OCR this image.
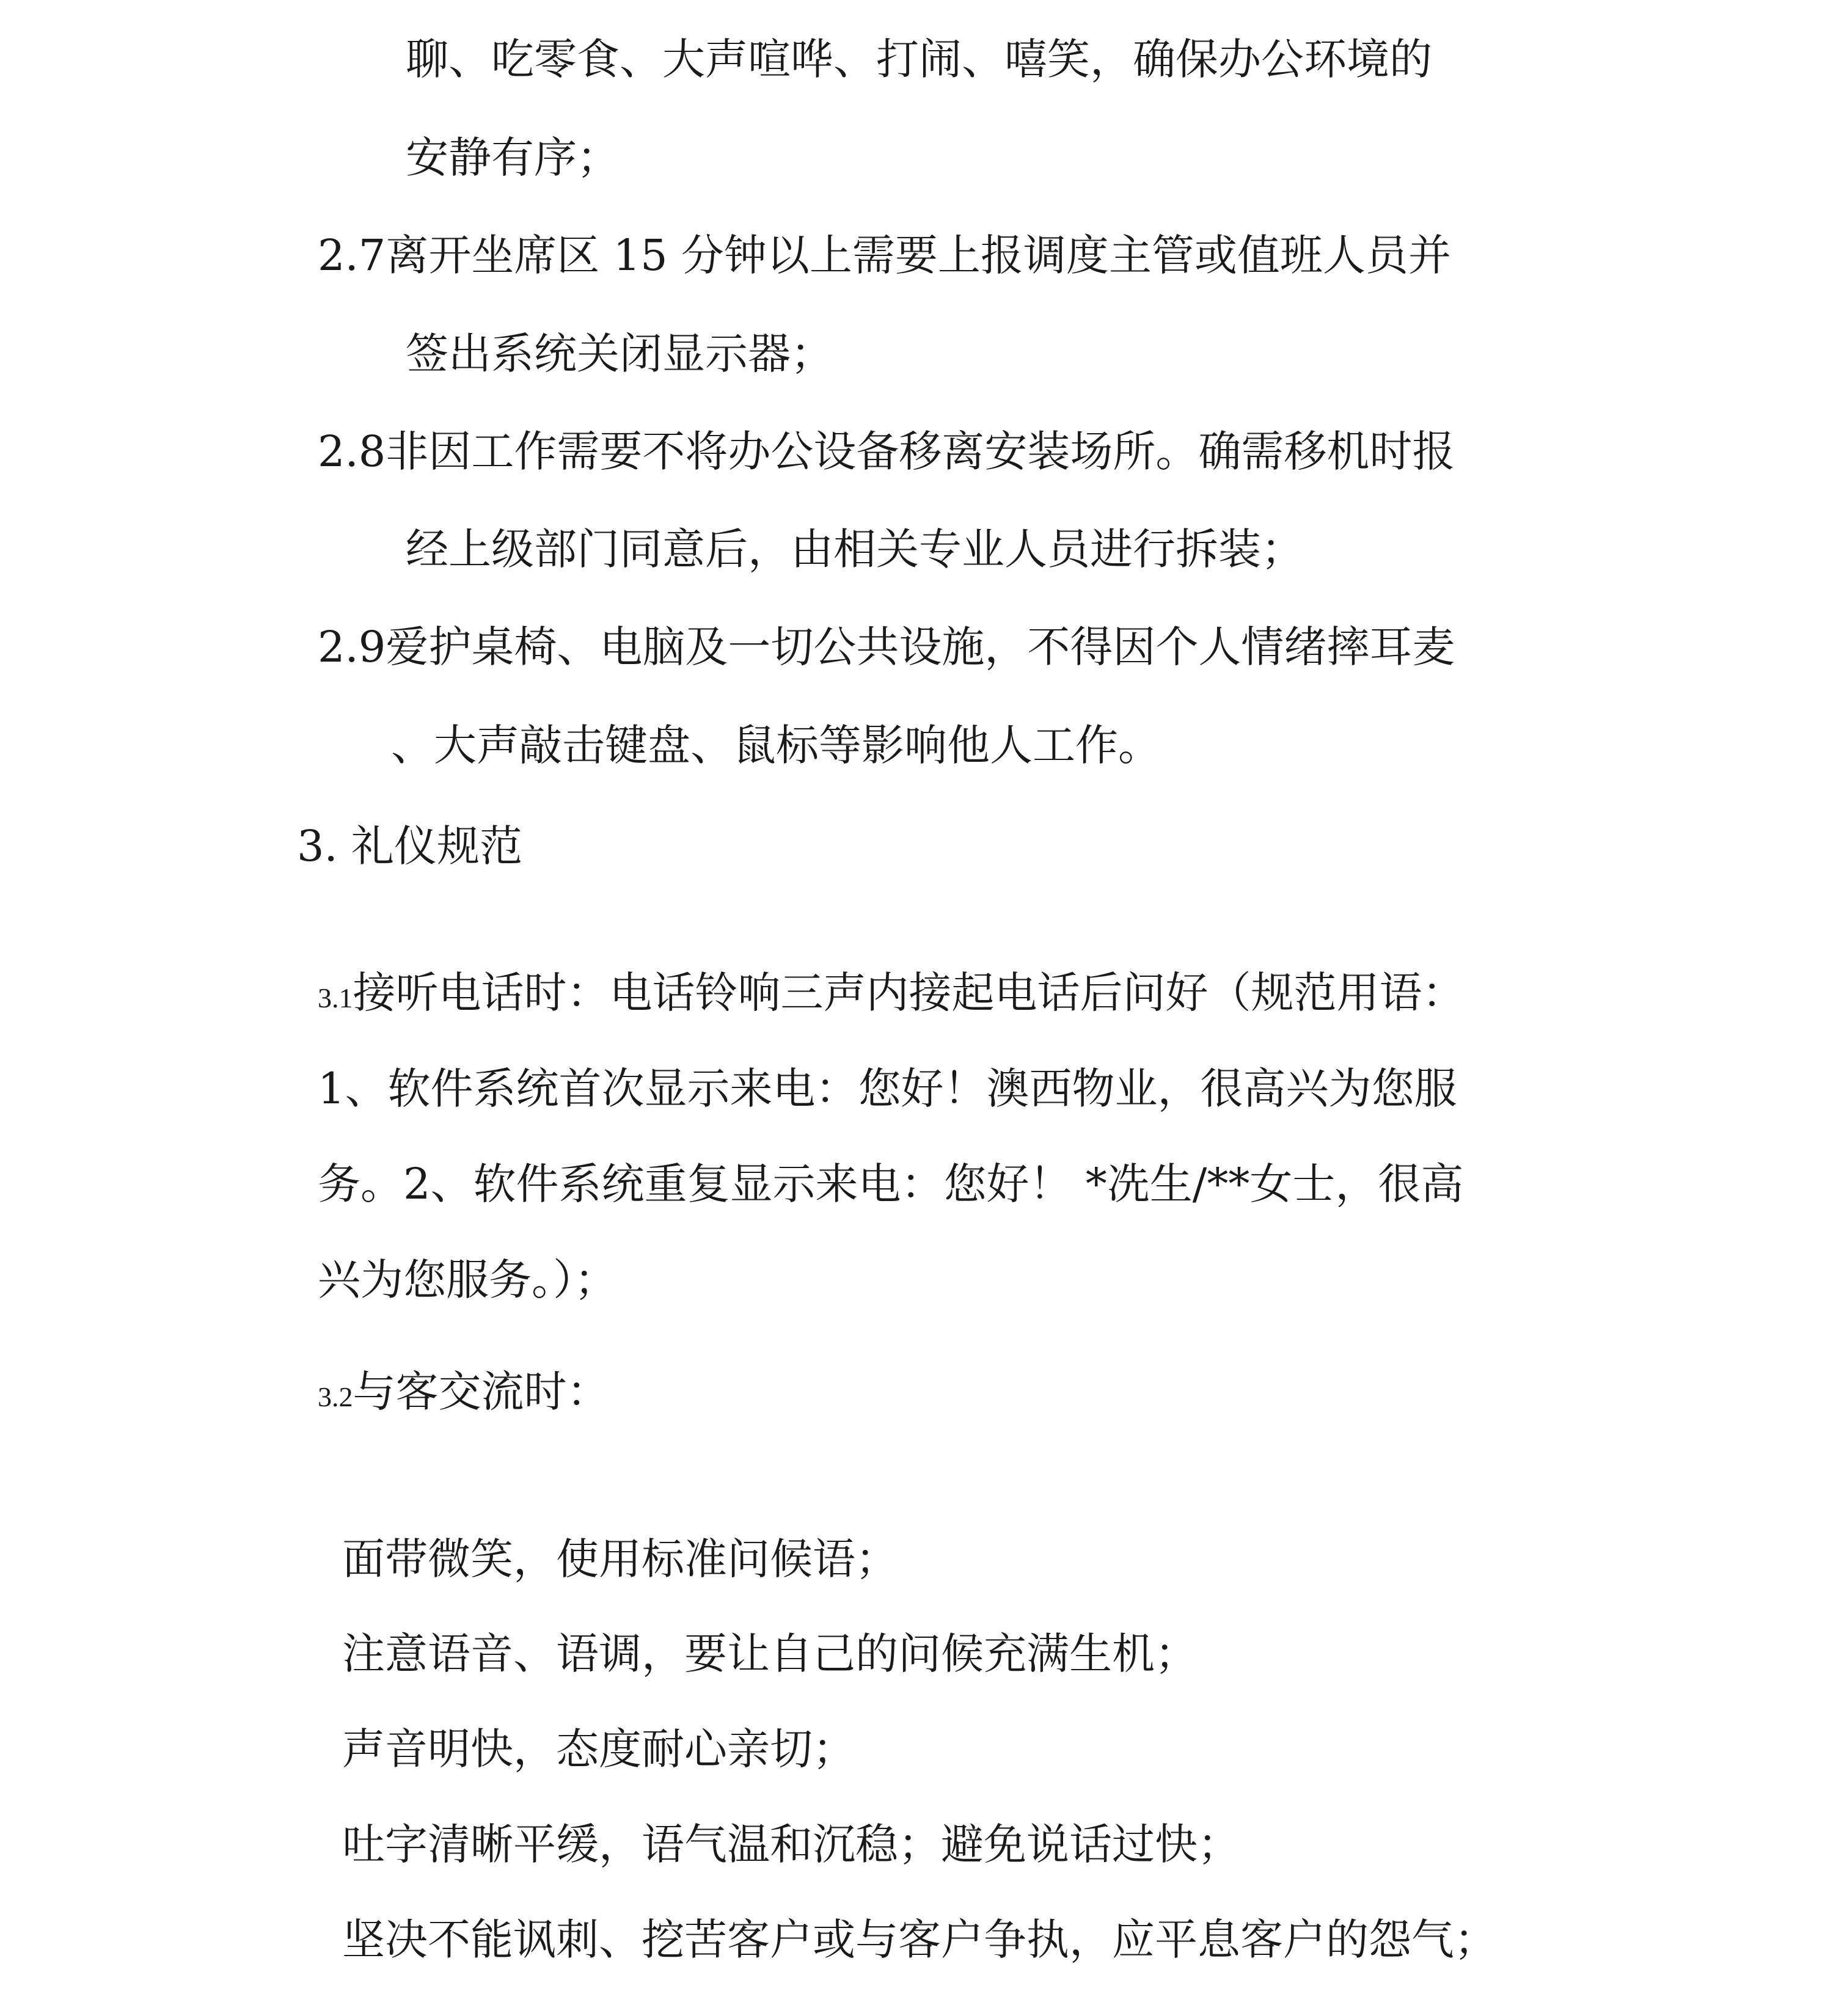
聊、吃零食、大声喧哗、打闹、嘻笑，确保办公环境的
安静有序；
2.7离开坐席区 15 分钟以上需要上报调度主管或值班人员并
签出系统关闭显示器；
2.8非因工作需要不将办公设备移离安装场所。确需移机时报
经上级部门同意后，由相关专业人员进行拆装；
2.9爱护桌椅、电脑及一切公共设施，不得因个人情绪摔耳麦
、大声敲击键盘、鼠标等影响他人工作。
3. 礼仪规范
3.1接听电话时：电话铃响三声内接起电话后问好（规范用语：
1、软件系统首次显示来电：您好！澳西物业，很高兴为您服
务。2、软件系统重复显示来电：您好！ *冼生/**女士，很高
兴为您服务。）；
3.2与客交流时：
面带微笑，使用标准问候语；
注意语音、语调，要让自己的问候充满生机；
声音明快，态度耐心亲切；
吐字清晰平缓，语气温和沉稳；避免说话过快；
坚决不能讽刺、挖苦客户或与客户争执，应平息客户的怨气；
